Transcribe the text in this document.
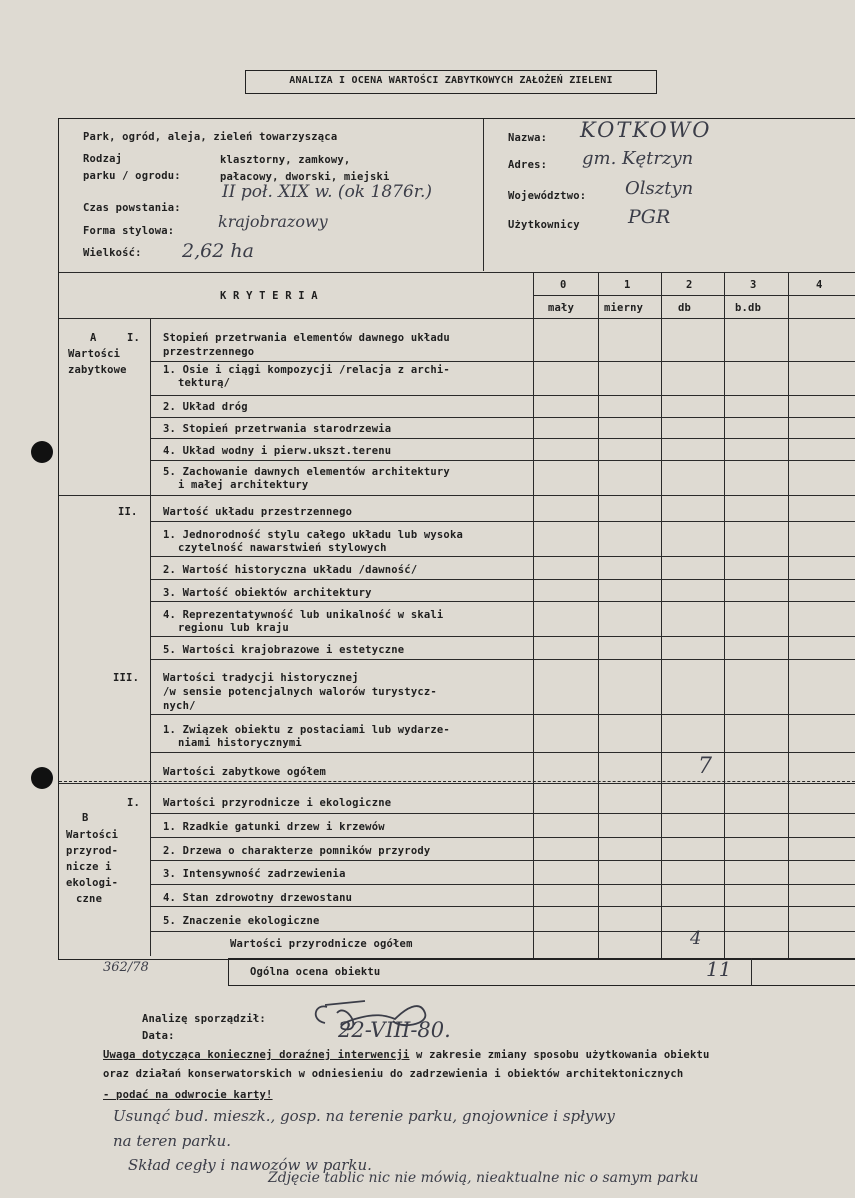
ANALIZA I OCENA WARTOŚCI ZABYTKOWYCH ZAŁOŻEŃ ZIELENI
Park, ogród, aleja, zieleń towarzysząca
Rodzaj
parku / ogrodu:
klasztorny, zamkowy,
pałacowy, dworski, miejski
Czas powstania:
II poł. XIX w. (ok 1876r.)
Forma stylowa:	krajobrazowy
Wielkość: 2,62 ha
Nazwa: KOTKOWO
Adres: gm. Kętrzyn
Województwo: Olsztyn
Użytkownicy	PGR
K R Y T E R I A
0	1	2	3	4
mały	mierny	db	b.db
A	I.
Wartości
zabytkowe
Stopień przetrwania elementów dawnego układu
przestrzennego
1. Osie i ciągi kompozycji /relacja z archi-
tekturą/
2. Układ dróg
3. Stopień przetrwania starodrzewia
4. Układ wodny i pierw.ukszt.terenu
5. Zachowanie dawnych elementów architektury
i małej architektury
II. Wartość układu przestrzennego
1. Jednorodność stylu całego układu lub wysoka
czytelność nawarstwień stylowych
2. Wartość historyczna układu /dawność/
3. Wartość obiektów architektury
4. Reprezentatywność lub unikalność w skali
regionu lub kraju
5. Wartości krajobrazowe i estetyczne
III. Wartości tradycji historycznej
/w sensie potencjalnych walorów turystycz-
nych/
1. Związek obiektu z postaciami lub wydarze-
niami historycznymi
Wartości zabytkowe ogółem	7
I.
B
Wartości
przyrod-
nicze i
ekologi-
czne
Wartości przyrodnicze i ekologiczne
1. Rzadkie gatunki drzew i krzewów
2. Drzewa o charakterze pomników przyrody
3. Intensywność zadrzewienia
4. Stan zdrowotny drzewostanu
5. Znaczenie ekologiczne
Wartości przyrodnicze ogółem	4
362/78	Ogólna ocena obiektu	11
Analizę sporządził:
Data:	22-VIII-80.
Uwaga dotycząca koniecznej doraźnej interwencji w zakresie zmiany sposobu użytkowania obiektu
oraz działań konserwatorskich w odniesieniu do zadrzewienia i obiektów architektonicznych
- podać na odwrocie karty!
Usunąć bud. mieszk., gosp. na terenie parku, gnojownice i spływy
na teren parku.
Skład cegły i nawozów w parku.
Zdjęcie tablic nic nie mówią, nieaktualne nic o samym parku
